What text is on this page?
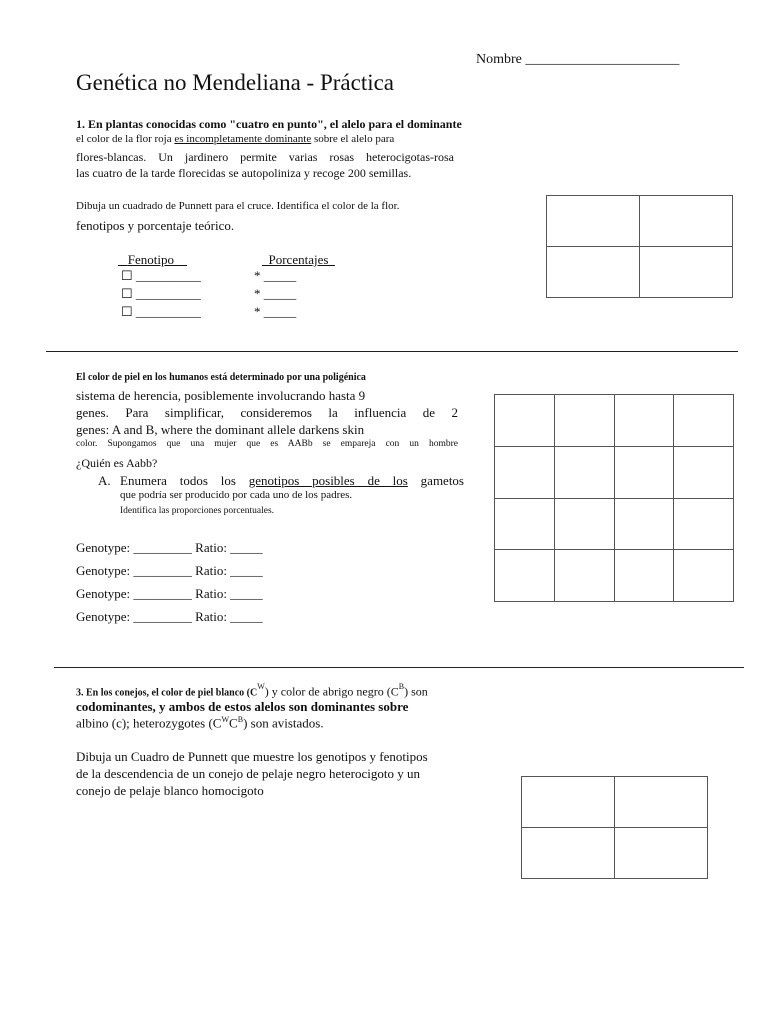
Nombre ______________________
Genética no Mendeliana - Práctica
1. En plantas conocidas como "cuatro en punto", el alelo para el dominante
el color de la flor roja es incompletamente dominante sobre el alelo para
flores-blancas. Un jardinero permite varias rosas heterocigotas-rosa
las cuatro de la tarde florecidas se autopoliniza y recoge 200 semillas.
Dibuja un cuadrado de Punnett para el cruce. Identifica el color de la flor.
fenotipos y porcentaje teórico.
Fenotipo	Porcentajes
☐ __________	* _____
☐ __________	* _____
☐ __________	* _____

El color de piel en los humanos está determinado por una poligénica
sistema de herencia, posiblemente involucrando hasta 9
genes. Para simplificar, consideremos la influencia de 2
genes: A and B, where the dominant allele darkens skin
color. Supongamos que una mujer que es AABb se empareja con un hombre
¿Quién es Aabb?
A. Enumera todos los genotipos posibles de los gametos
que podría ser producido por cada uno de los padres.
Identifica las proporciones porcentuales.
Genotype: _________ Ratio: _____
Genotype: _________ Ratio: _____
Genotype: _________ Ratio: _____
Genotype: _________ Ratio: _____

3. En los conejos, el color de piel blanco $(C^W)$ y color de abrigo negro $(C^B)$ son
codominantes, y ambos de estos alelos son dominantes sobre
albino (c); heterozygotes $(C^WC^B)$ son avistados.
Dibuja un Cuadro de Punnett que muestre los genotipos y fenotipos
de la descendencia de un conejo de pelaje negro heterocigoto y un
conejo de pelaje blanco homocigoto
